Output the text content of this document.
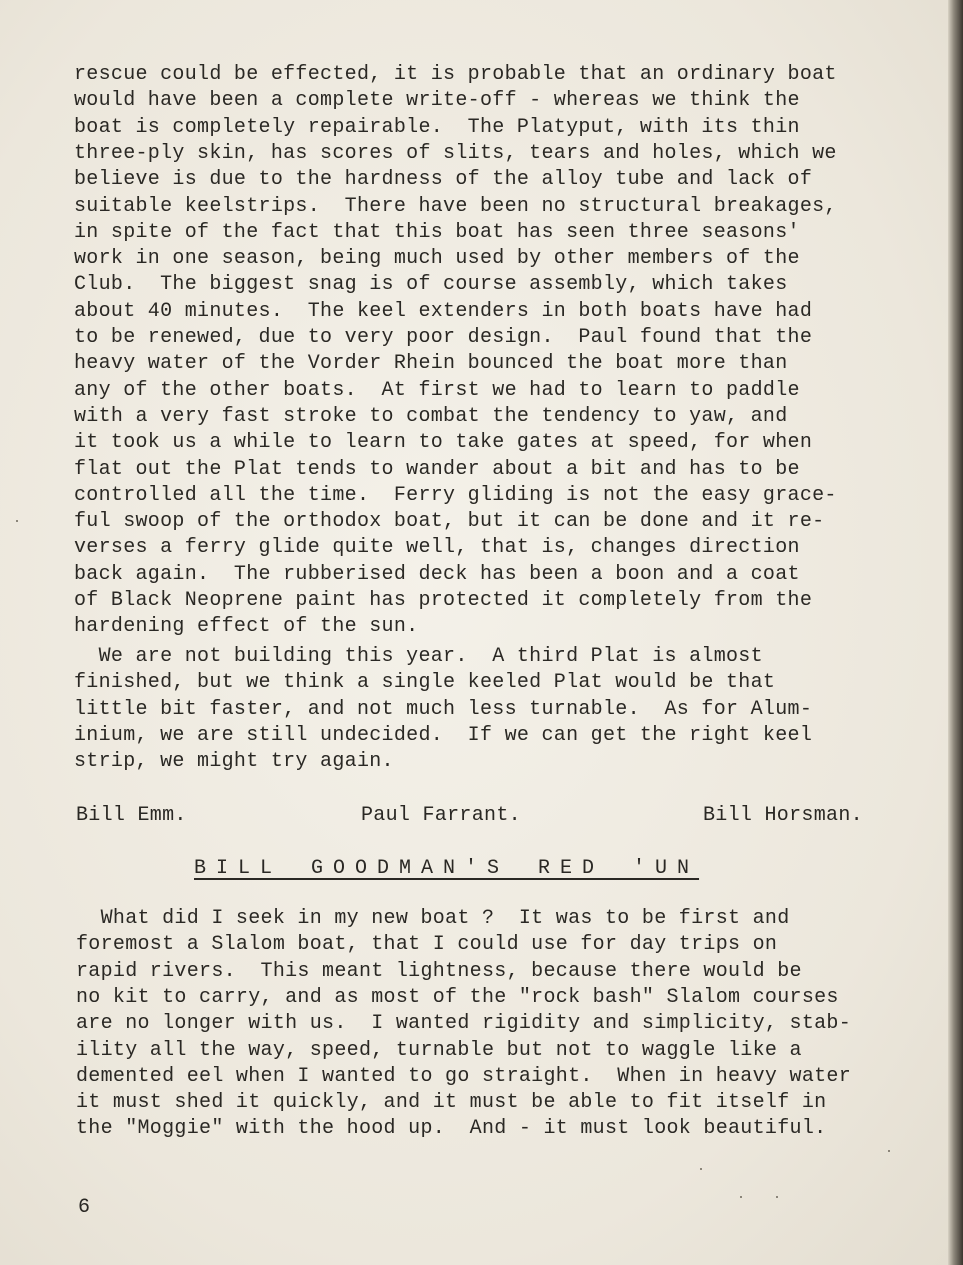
rescue could be effected, it is probable that an ordinary boat
would have been a complete write-off - whereas we think the
boat is completely repairable.  The Platyput, with its thin
three-ply skin, has scores of slits, tears and holes, which we
believe is due to the hardness of the alloy tube and lack of
suitable keelstrips.  There have been no structural breakages,
in spite of the fact that this boat has seen three seasons'
work in one season, being much used by other members of the
Club.  The biggest snag is of course assembly, which takes
about 40 minutes.  The keel extenders in both boats have had
to be renewed, due to very poor design.  Paul found that the
heavy water of the Vorder Rhein bounced the boat more than
any of the other boats.  At first we had to learn to paddle
with a very fast stroke to combat the tendency to yaw, and
it took us a while to learn to take gates at speed, for when
flat out the Plat tends to wander about a bit and has to be
controlled all the time.  Ferry gliding is not the easy grace-
ful swoop of the orthodox boat, but it can be done and it re-
verses a ferry glide quite well, that is, changes direction
back again.  The rubberised deck has been a boon and a coat
of Black Neoprene paint has protected it completely from the
hardening effect of the sun.
We are not building this year.  A third Plat is almost
finished, but we think a single keeled Plat would be that
little bit faster, and not much less turnable.  As for Alum-
inium, we are still undecided.  If we can get the right keel
strip, we might try again.
Bill Emm.	Paul Farrant.	Bill Horsman.
BILL GOODMAN'S RED 'UN
What did I seek in my new boat ?  It was to be first and
foremost a Slalom boat, that I could use for day trips on
rapid rivers.  This meant lightness, because there would be
no kit to carry, and as most of the "rock bash" Slalom courses
are no longer with us.  I wanted rigidity and simplicity, stab-
ility all the way, speed, turnable but not to waggle like a
demented eel when I wanted to go straight.  When in heavy water
it must shed it quickly, and it must be able to fit itself in
the "Moggie" with the hood up.  And - it must look beautiful.
6
